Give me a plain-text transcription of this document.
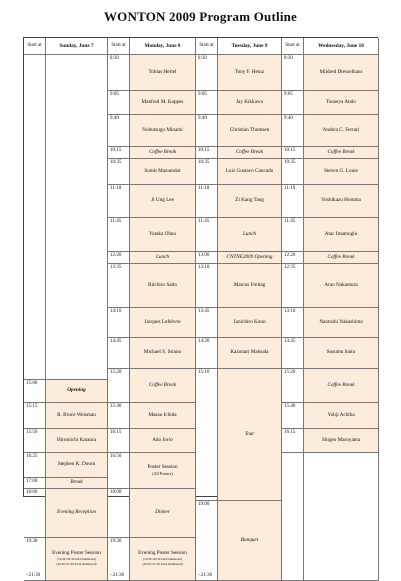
WONTON 2009 Program Outline
Start at
15:00
15:15
15:50
16:25
17:00
18:00
19:30
~21:30
Sunday, June 7
Opening
R. Bruce Weisman
Hiromichi Kataura
Stephen K. Doorn
Break
Evening Reception
Evening Poster Session
(19:30~20:30 Odd Numbered)
(20:30~21:30 Even Numbered)
Start at
8:30
9:05
9:40
10:15
10:35
11:10
11:45
12:20
13:35
14:10
14:45
15:20
15:40
16:15
16:50
18:00
19:30
~21:30
Monday, June 8
Tobias Hertel
Manfred M. Kappes
Nobutsugu Minami
Coffee Break
Sumit Mazumdar
Ji Ung Lee
Yutaka Ohno
Lunch
Riichiro Saito
Jacques Lefebvre
Michael S. Strano
Coffee Break
Masao Ichida
Ado Jorio
Poster Session
(All Posters)
Dinner
Evening Poster Session
(19:30~20:30 Odd Numbered)
(20:30~21:30 Even Numbered)
Start at
8:30
9:05
9:40
10:15
10:35
11:10
11:45
13:00
13:10
13:45
14:20
15:10
19:00
~21:30
Tuesday, June 9
Tony F. Heinz
Jay Kikkawa
Christian Thomsen
Coffee Break
Luiz Gustavo Cancado
Zi Kang Tang
Lunch
CNTNE2009 Opening
Marcus Freitag
Junichiro Kono
Kazunari Matsuda
Tour
Banquet
Start at
8:30
9:05
9:40
10:15
10:35
11:10
11:45
12:20
12:35
13:10
13:45
15:20
15:40
16:15
Wednesday, June 10
Mildred Dresselhaus
Tsuneya Ando
Andrea C. Ferrari
Coffee Break
Steven G. Louie
Yoshikazu Homma
Atac Imamoglu
Coffee Break
Arao Nakamura
Naotoshi Nakashima
Susumu Saito
Coffee Break
Yohji Achiba
Shigeo Maruyama
